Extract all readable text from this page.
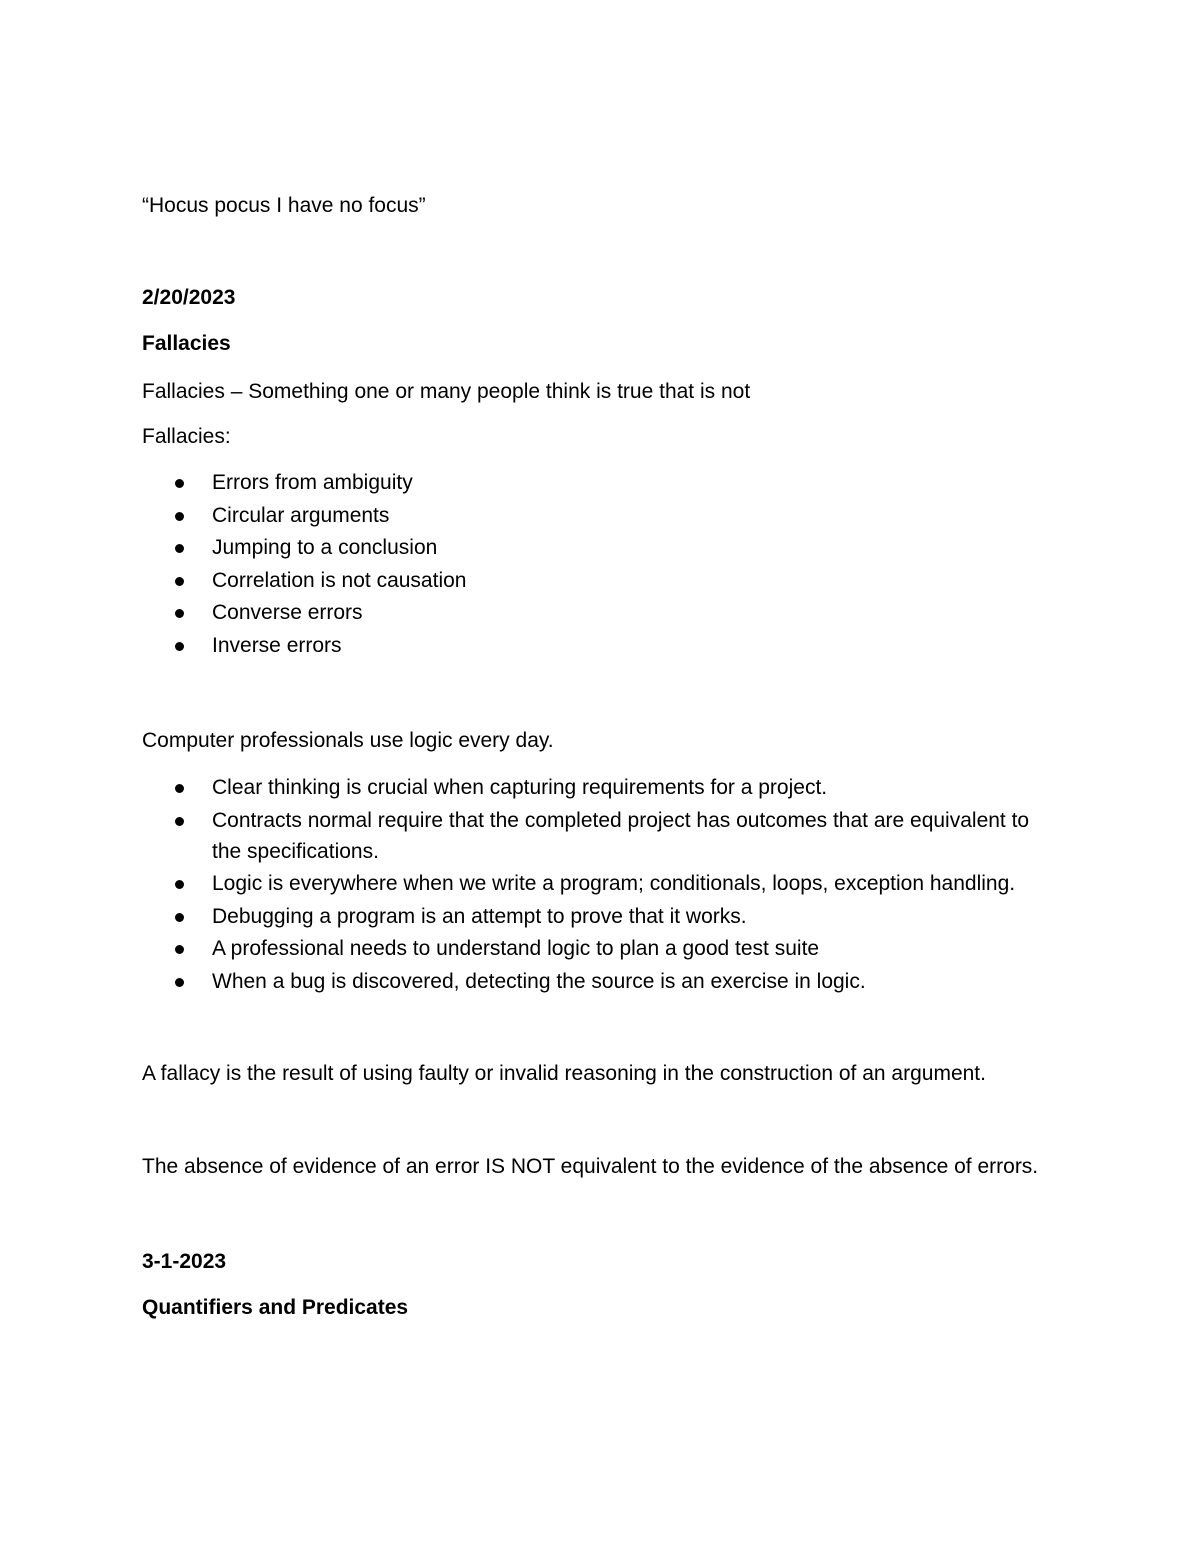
“Hocus pocus I have no focus”

2/20/2023

Fallacies

Fallacies – Something one or many people think is true that is not

Fallacies:

Errors from ambiguity
Circular arguments
Jumping to a conclusion
Correlation is not causation
Converse errors
Inverse errors

Computer professionals use logic every day.

Clear thinking is crucial when capturing requirements for a project.
Contracts normal require that the completed project has outcomes that are equivalent to the specifications.
Logic is everywhere when we write a program; conditionals, loops, exception handling.
Debugging a program is an attempt to prove that it works.
A professional needs to understand logic to plan a good test suite
When a bug is discovered, detecting the source is an exercise in logic.

A fallacy is the result of using faulty or invalid reasoning in the construction of an argument.

The absence of evidence of an error IS NOT equivalent to the evidence of the absence of errors.

3-1-2023

Quantifiers and Predicates
